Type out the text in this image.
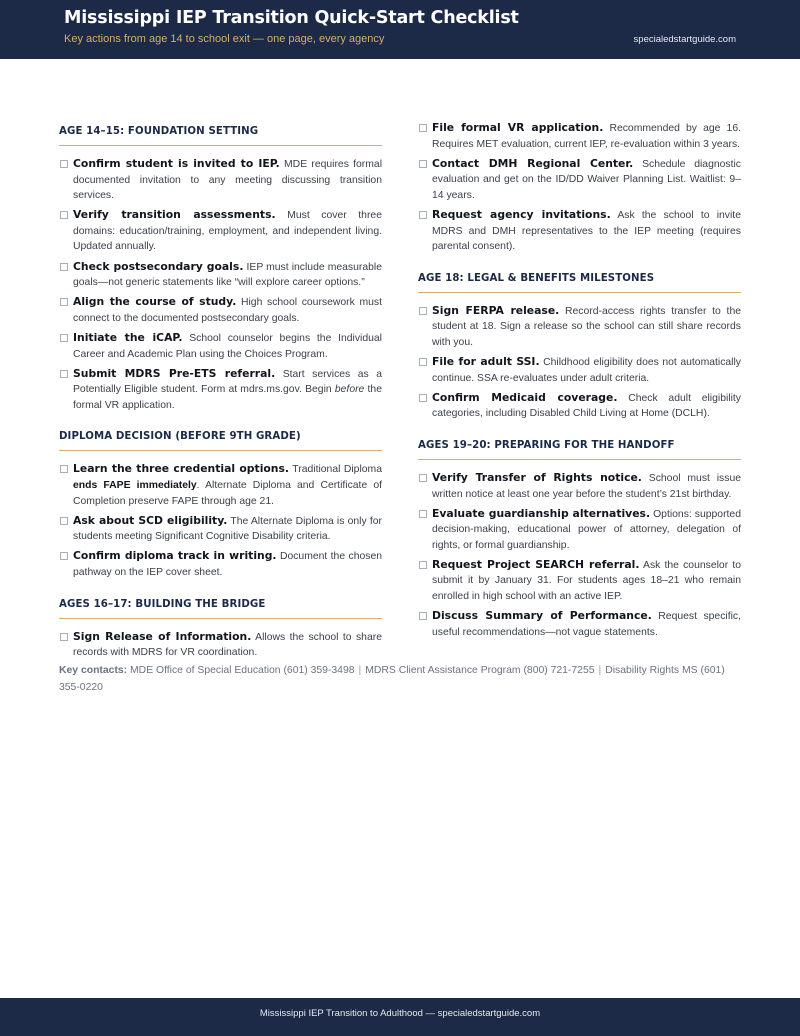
Mississippi IEP Transition Quick-Start Checklist
Key actions from age 14 to school exit — one page, every agency	specialedstartguide.com
AGE 14–15: FOUNDATION SETTING
Confirm student is invited to IEP. MDE requires formal documented invitation to any meeting discussing transition services.
Verify transition assessments. Must cover three domains: education/training, employment, and independent living. Updated annually.
Check postsecondary goals. IEP must include measurable goals—not generic statements like “will explore career options.”
Align the course of study. High school coursework must connect to the documented postsecondary goals.
Initiate the iCAP. School counselor begins the Individual Career and Academic Plan using the Choices Program.
Submit MDRS Pre-ETS referral. Start services as a Potentially Eligible student. Form at mdrs.ms.gov. Begin before the formal VR application.
DIPLOMA DECISION (BEFORE 9TH GRADE)
Learn the three credential options. Traditional Diploma ends FAPE immediately. Alternate Diploma and Certificate of Completion preserve FAPE through age 21.
Ask about SCD eligibility. The Alternate Diploma is only for students meeting Significant Cognitive Disability criteria.
Confirm diploma track in writing. Document the chosen pathway on the IEP cover sheet.
AGES 16–17: BUILDING THE BRIDGE
Sign Release of Information. Allows the school to share records with MDRS for VR coordination.
File formal VR application. Recommended by age 16. Requires MET evaluation, current IEP, re-evaluation within 3 years.
Contact DMH Regional Center. Schedule diagnostic evaluation and get on the ID/DD Waiver Planning List. Waitlist: 9–14 years.
Request agency invitations. Ask the school to invite MDRS and DMH representatives to the IEP meeting (requires parental consent).
AGE 18: LEGAL & BENEFITS MILESTONES
Sign FERPA release. Record-access rights transfer to the student at 18. Sign a release so the school can still share records with you.
File for adult SSI. Childhood eligibility does not automatically continue. SSA re-evaluates under adult criteria.
Confirm Medicaid coverage. Check adult eligibility categories, including Disabled Child Living at Home (DCLH).
AGES 19–20: PREPARING FOR THE HANDOFF
Verify Transfer of Rights notice. School must issue written notice at least one year before the student’s 21st birthday.
Evaluate guardianship alternatives. Options: supported decision-making, educational power of attorney, delegation of rights, or formal guardianship.
Request Project SEARCH referral. Ask the counselor to submit it by January 31. For students ages 18–21 who remain enrolled in high school with an active IEP.
Discuss Summary of Performance. Request specific, useful recommendations—not vague statements.
Key contacts: MDE Office of Special Education (601) 359-3498 | MDRS Client Assistance Program (800) 721-7255 | Disability Rights MS (601) 355-0220
Mississippi IEP Transition to Adulthood — specialedstartguide.com
